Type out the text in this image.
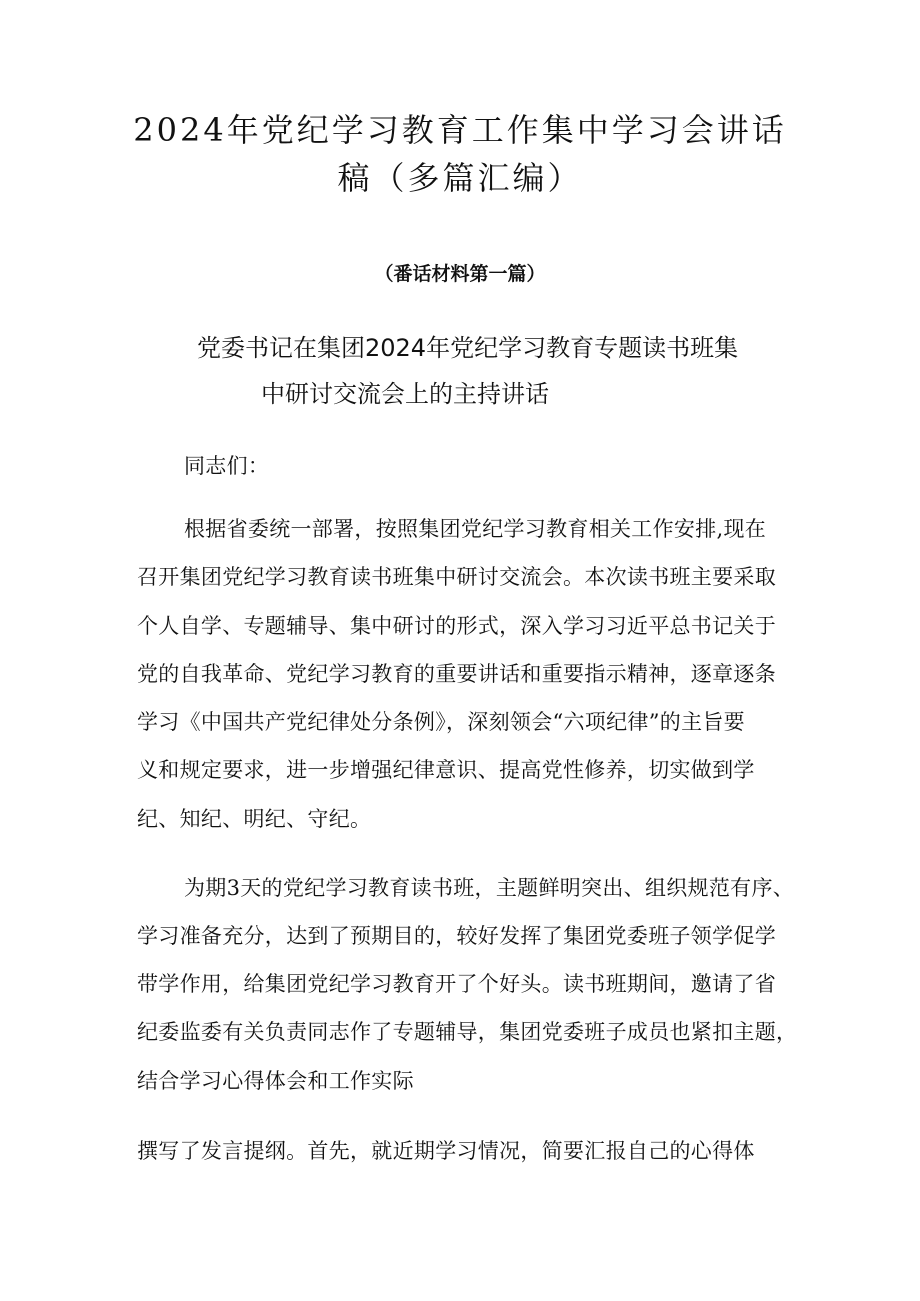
2024年党纪学习教育工作集中学习会讲话
稿（多篇汇编）
（番话材料第一篇）
党委书记在集团2024年党纪学习教育专题读书班集
中研讨交流会上的主持讲话
同志们：
根据省委统一部署，按照集团党纪学习教育相关工作安排,现在
召开集团党纪学习教育读书班集中研讨交流会。本次读书班主要采取
个人自学、专题辅导、集中研讨的形式，深入学习习近平总书记关于
党的自我革命、党纪学习教育的重要讲话和重要指示精神，逐章逐条
学习《中国共产党纪律处分条例》，深刻领会“六项纪律”的主旨要
义和规定要求，进一步增强纪律意识、提高党性修养，切实做到学
纪、知纪、明纪、守纪。
为期3天的党纪学习教育读书班，主题鲜明突出、组织规范有序、
学习准备充分，达到了预期目的，较好发挥了集团党委班子领学促学
带学作用，给集团党纪学习教育开了个好头。读书班期间，邀请了省
纪委监委有关负责同志作了专题辅导，集团党委班子成员也紧扣主题，
结合学习心得体会和工作实际
撰写了发言提纲。首先，就近期学习情况，简要汇报自己的心得体
